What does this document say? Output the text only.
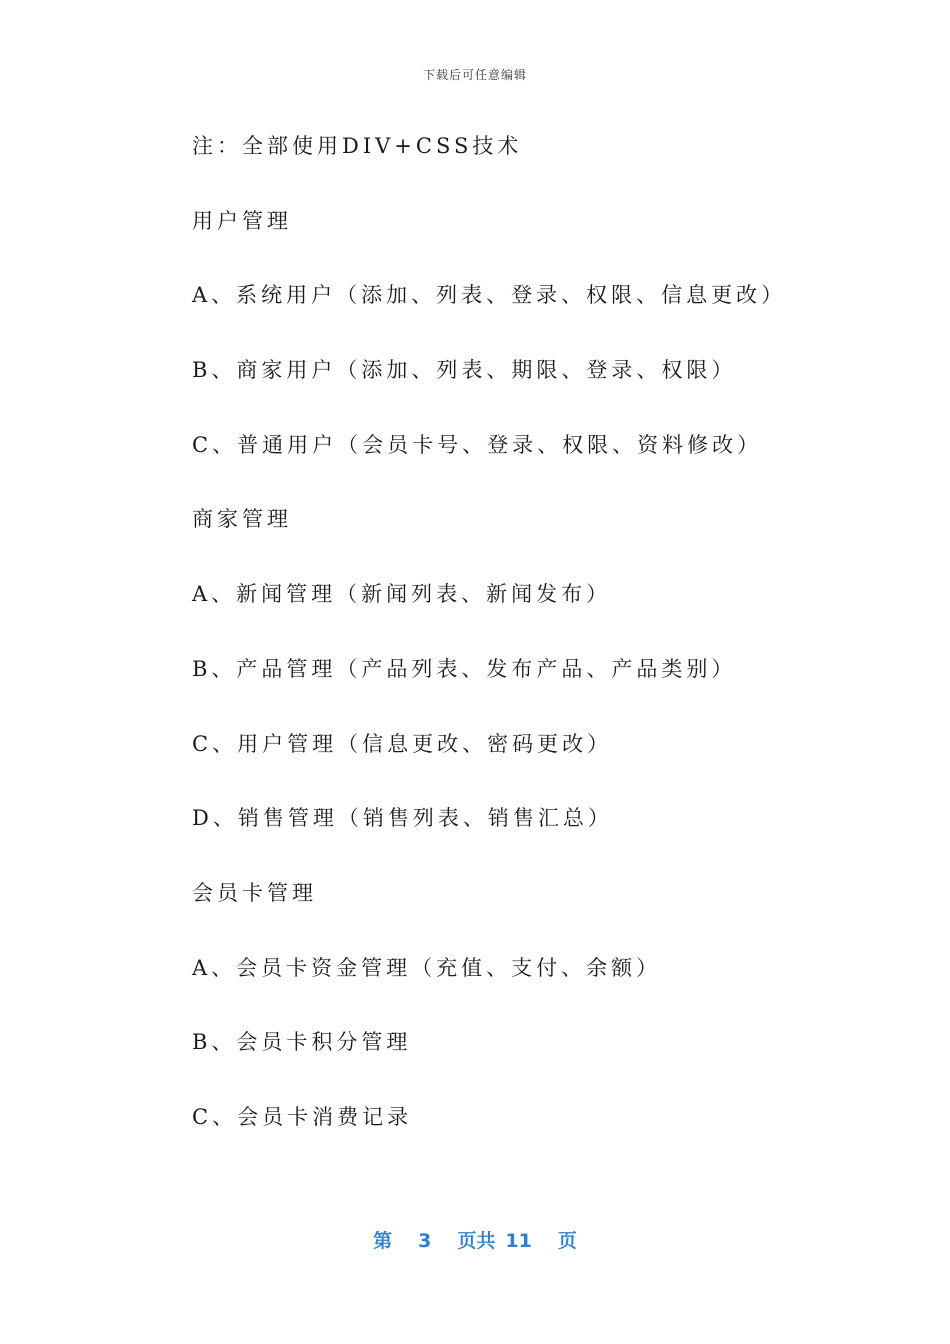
下载后可任意编辑
注：全部使用DIV+CSS技术
用户管理
A、系统用户（添加、列表、登录、权限、信息更改）
B、商家用户（添加、列表、期限、登录、权限）
C、普通用户（会员卡号、登录、权限、资料修改）
商家管理
A、新闻管理（新闻列表、新闻发布）
B、产品管理（产品列表、发布产品、产品类别）
C、用户管理（信息更改、密码更改）
D、销售管理（销售列表、销售汇总）
会员卡管理
A、会员卡资金管理（充值、支付、余额）
B、会员卡积分管理
C、会员卡消费记录
第 3 页共 11 页
